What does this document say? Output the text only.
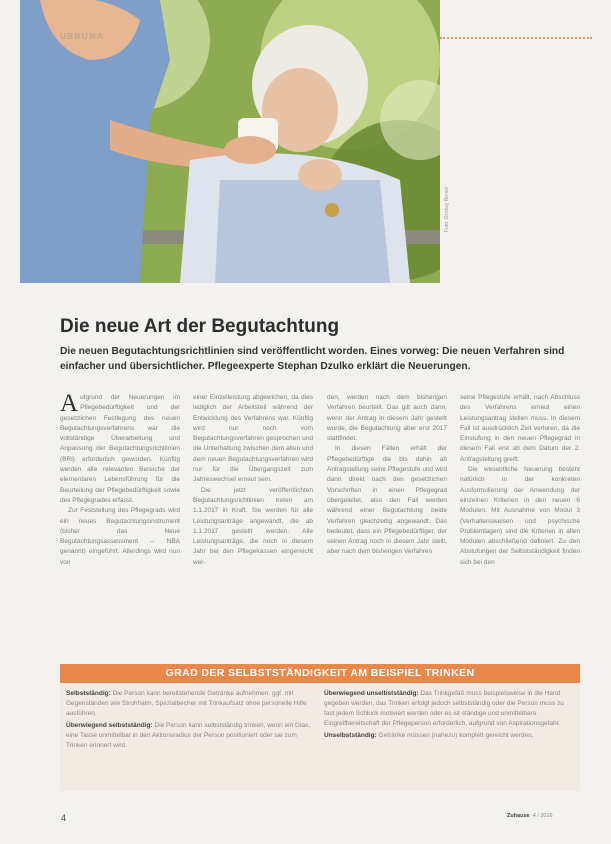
Foto: Ocskay Bence
UBRUMA
Die neue Art der Begutachtung

Die neuen Begutachtungsrichtlinien sind veröffentlicht worden. Eines vorweg: Die neuen Verfahren sind einfacher und übersichtlicher. Pflegeexperte Stephan Dzulko erklärt die Neuerungen.

Aufgrund der Neuerungen im Pflegebedürftigkeit und der gesetzlichen Festlegung des neuen Begutachtungsverfahrens war die vollständige Überarbeitung und Anpassung der Begutachtungsrichtlinien (BRi) erforderlich geworden. Künftig werden alle relevanten Bereiche der elementaren Lebensführung für die Beurteilung der Pflegebedürftigkeit sowie des Pflegegrades erfasst.

Zur Feststellung des Pflegegrads wird ein neues Begutachtungsinstrument (bisher das Neue Begutachtungsassessment – NBA genannt) eingeführt. Allerdings wird nun von

einer Einzelleistung abgewichen, da dies lediglich der Arbeitsteil während der Entwicklung des Verfahrens war. Künftig wird nur noch vom Begutachtungsverfahren gesprochen und die Unterhaltung zwischen dem alten und dem neuen Begutachtungsverfahren wird nur für die Übergangszeit zum Jahreswechsel erneut sein.

Die jetzt veröffentlichten Begutachtungsrichtlinien treten am 1.1.2017 in Kraft. Sie werden für alle Leistungsanträge angewandt, die ab 1.1.2017 gestellt werden. Alle Leistungsanträge, die noch in diesem Jahr bei den Pflegekassen eingereicht wer-

den, werden nach dem bisherigen Verfahren beurteilt. Das gilt auch dann, wenn der Antrag in diesem Jahr gestellt wurde, die Begutachtung aber erst 2017 stattfindet.

In diesen Fällen erhält der Pflegebedürftige die bis dahin ab Antragstellung seine Pflegestufe und wird dann direkt nach den gesetzlichen Vorschriften in einen Pflegegrad übergeleitet, also den Fall werden während einer Begutachtung beide Verfahren gleichzeitig angewandt. Das bedeutet, dass ein Pflegebedürftiger, der seinen Antrag noch in diesem Jahr stellt, aber nach dem bisherigen Verfahren

seine Pflegestufe erhält, nach Abschluss des Verfahrens erneut einen Leistungsantrag stellen muss. In diesem Fall ist ausdrücklich Zeit verloren, da die Einstufung in den neuen Pflegegrad in diesem Fall erst ab dem Datum der 2. Antragstellung greift.

Die wesentliche Neuerung besteht natürlich in der konkreten Ausformulierung der Anwendung der einzelnen Kriterien in den neuen 6 Modulen. Mit Ausnahme von Modul 3 (Verhaltensweisen und psychische Problemlagen) sind die Kriterien in allen Modulen abschließend definiert. Zu den Abstufungen der Selbstständigkeit finden sich bei den

GRAD DER SELBSTSTÄNDIGKEIT AM BEISPIEL TRINKEN
Selbstständig: Die Person kann bereitstehende Getränke aufnehmen, ggf. mit Gegenständen wie Strohhalm, Spezialbecher mit Trinkaufsatz ohne personelle Hilfe ausführen.
Überwiegend selbstständig: Die Person kann selbstständig trinken, wenn ein Glas, eine Tasse unmittelbar in den Aktionsradius der Person positioniert oder sie zum Trinken erinnert wird.
Überwiegend unselbstständig: Das Trinkgefäß muss beispielsweise in die Hand gegeben werden, das Trinken erfolgt jedoch selbstständig oder die Person muss zu fast jedem Schluck motiviert werden oder es ist ständige und unmittelbare Eingreifbereitschaft der Pflegeperson erforderlich, aufgrund von Aspirationsgefahr.
Unselbstständig: Getränke müssen (nahezu) komplett gereicht werden.
4	Zuhause 4 / 2016
